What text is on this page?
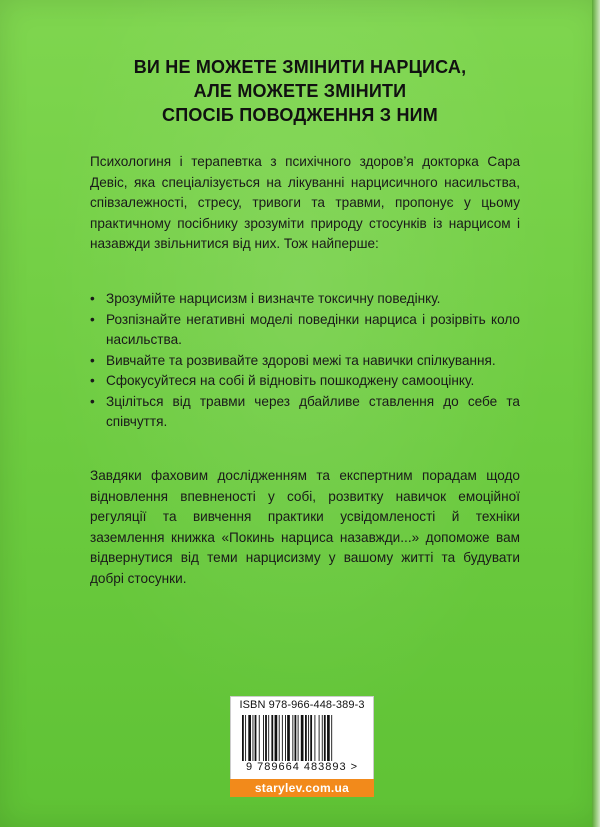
ВИ НЕ МОЖЕТЕ ЗМІНИТИ НАРЦИСА,
АЛЕ МОЖЕТЕ ЗМІНИТИ
СПОСІБ ПОВОДЖЕННЯ З НИМ
Психологиня і терапевтка з психічного здоров’я докторка Сара Девіс, яка спеціалізується на лікуванні нарцисичного насильства, співзалежності, стресу, тривоги та травми, пропонує у цьому практичному посібнику зрозуміти природу стосунків із нарцисом і назавжди звільнитися від них. Тож найперше:
• Зрозумійте нарцисизм і визначте токсичну поведінку.
• Розпізнайте негативні моделі поведінки нарциса і розірвіть коло насильства.
• Вивчайте та розвивайте здорові межі та навички спілкування.
• Сфокусуйтеся на собі й відновіть пошкоджену самооцінку.
• Зціліться від травми через дбайливе ставлення до себе та співчуття.
Завдяки фаховим дослідженням та експертним порадам щодо відновлення впевненості у собі, розвитку навичок емоційної регуляції та вивчення практики усвідомленості й техніки заземлення книжка «Покинь нарциса назавжди...» допоможе вам відвернутися від теми нарцисизму у вашому житті та будувати добрі стосунки.
ISBN 978-966-448-389-3
9 789664 483893 >
starylev.com.ua
